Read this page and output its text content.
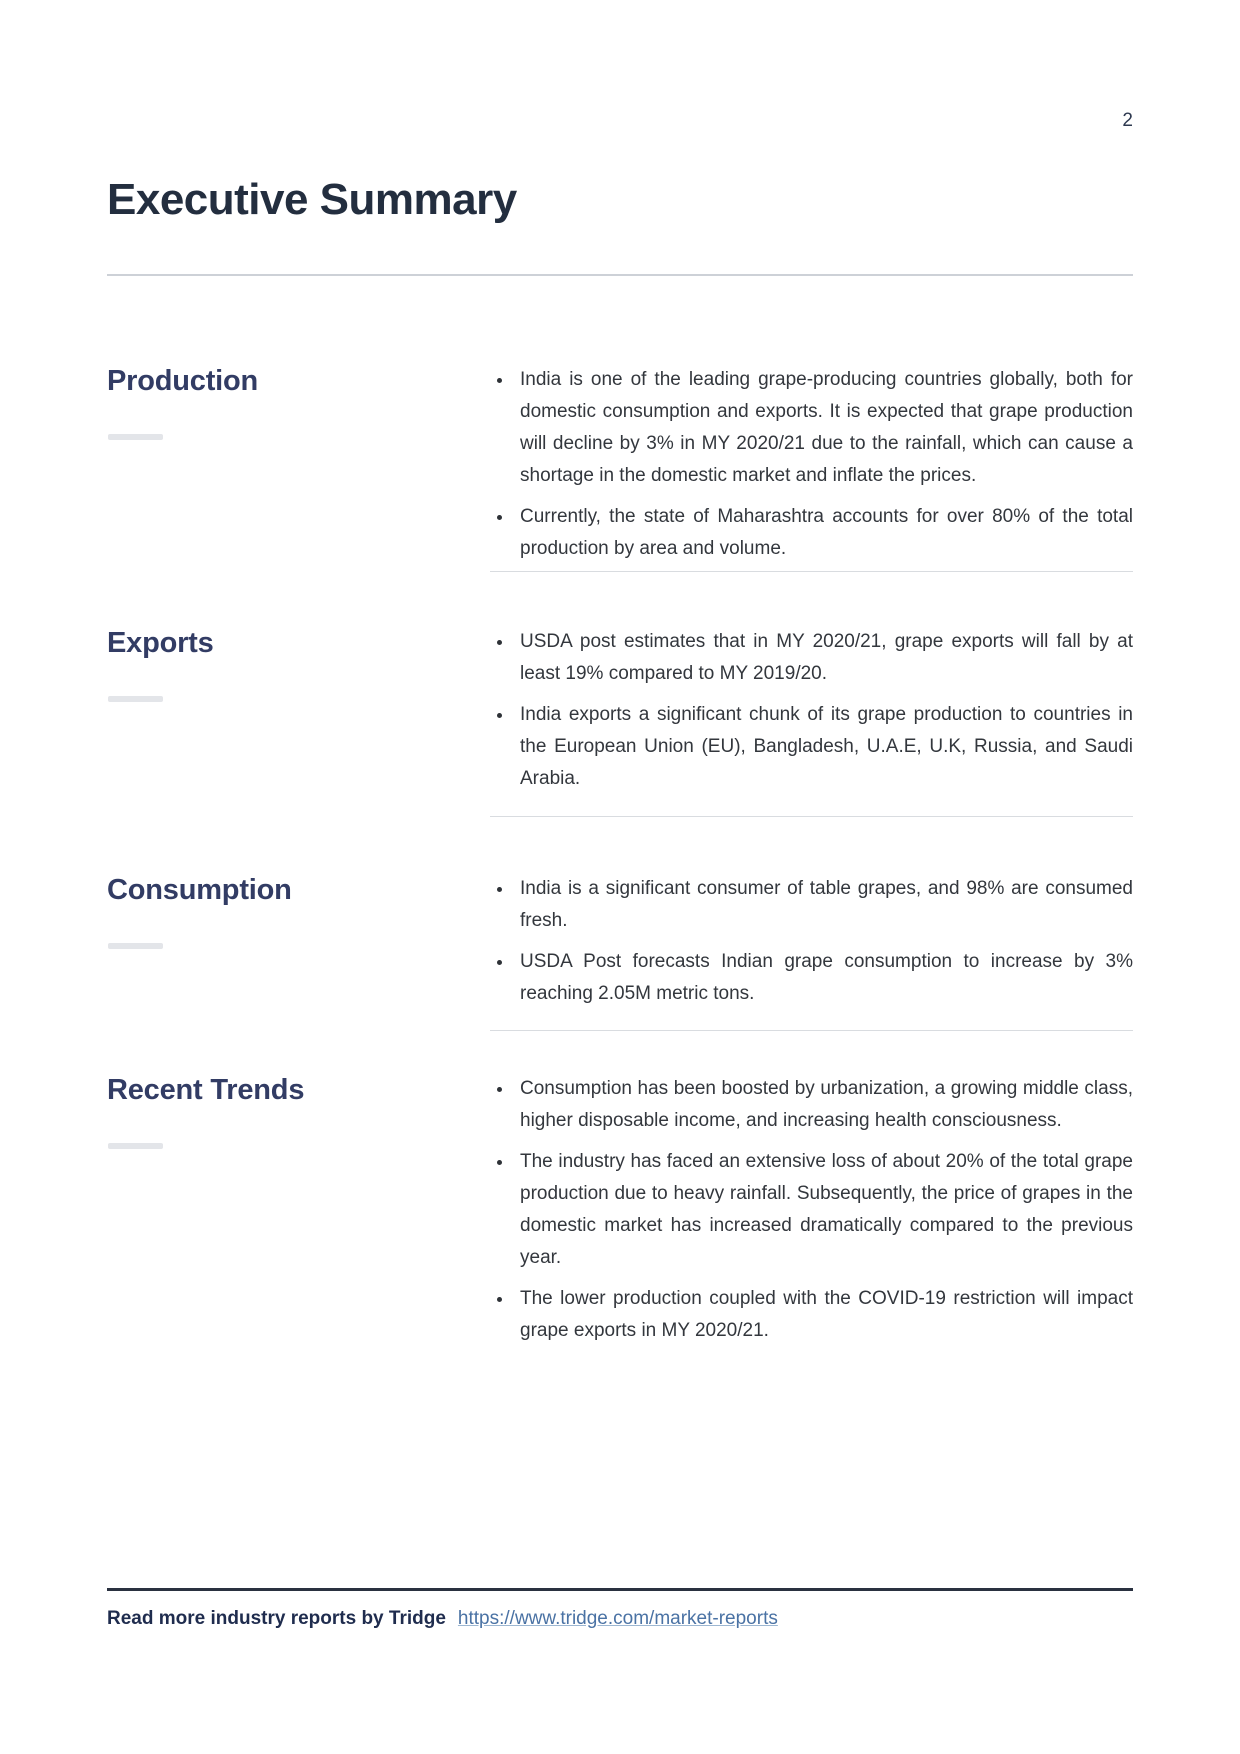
2
Executive Summary
Production	India is one of the leading grape-producing countries globally, both for domestic consumption and exports. It is expected that grape production will decline by 3% in MY 2020/21 due to the rainfall, which can cause a shortage in the domestic market and inflate the prices.

Currently, the state of Maharashtra accounts for over 80% of the total production by area and volume.

Exports	USDA post estimates that in MY 2020/21, grape exports will fall by at least 19% compared to MY 2019/20.

India exports a significant chunk of its grape production to countries in the European Union (EU), Bangladesh, U.A.E, U.K, Russia, and Saudi Arabia.

Consumption	India is a significant consumer of table grapes, and 98% are consumed fresh.

USDA Post forecasts Indian grape consumption to increase by 3% reaching 2.05M metric tons.

Recent Trends	Consumption has been boosted by urbanization, a growing middle class, higher disposable income, and increasing health consciousness.

The industry has faced an extensive loss of about 20% of the total grape production due to heavy rainfall. Subsequently, the price of grapes in the domestic market has increased dramatically compared to the previous year.

The lower production coupled with the COVID-19 restriction will impact grape exports in MY 2020/21.

Read more industry reports by Tridge https://www.tridge.com/market-reports
